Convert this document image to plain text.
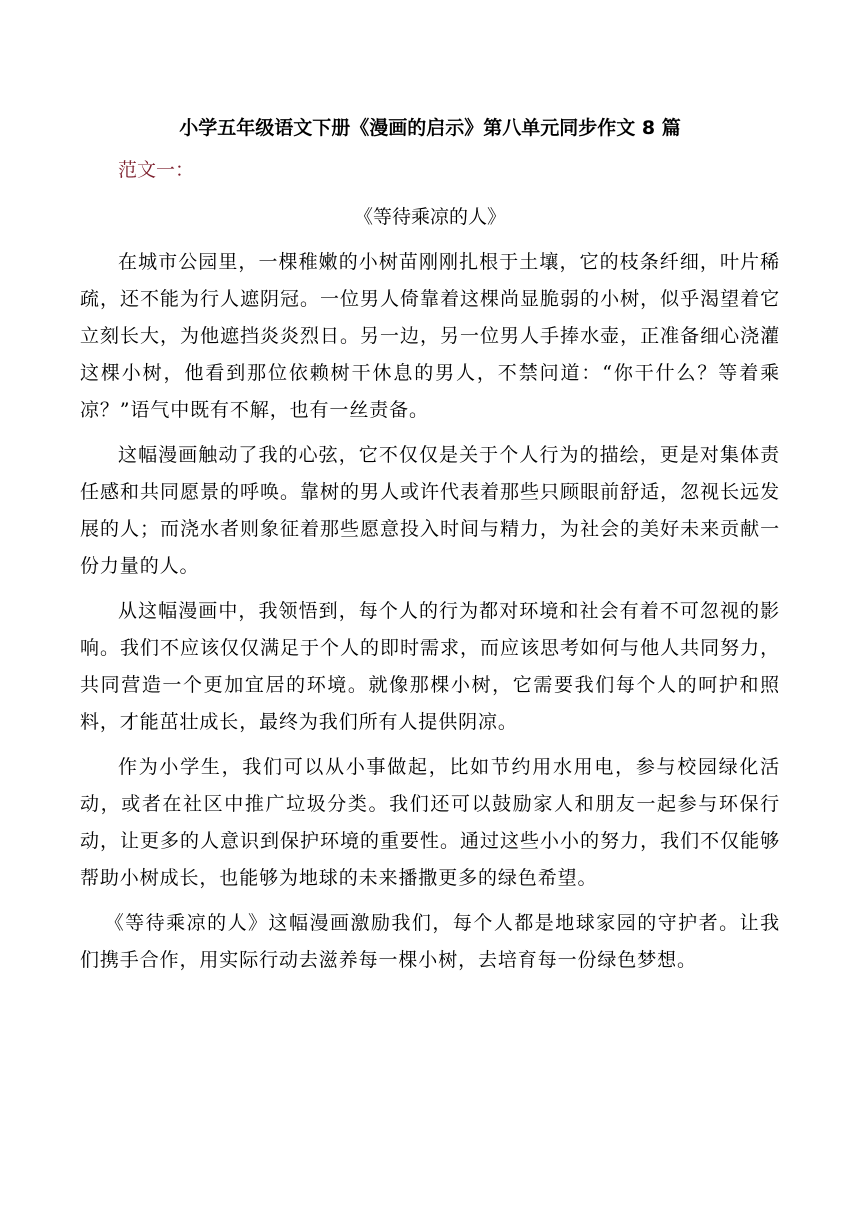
小学五年级语文下册《漫画的启示》第八单元同步作文 8 篇
范文一：
《等待乘凉的人》

在城市公园里，一棵稚嫩的小树苗刚刚扎根于土壤，它的枝条纤细，叶片稀疏，还不能为行人遮阴冠。一位男人倚靠着这棵尚显脆弱的小树，似乎渴望着它立刻长大，为他遮挡炎炎烈日。另一边，另一位男人手捧水壶，正准备细心浇灌这棵小树，他看到那位依赖树干休息的男人，不禁问道：“你干什么？等着乘凉？”语气中既有不解，也有一丝责备。

这幅漫画触动了我的心弦，它不仅仅是关于个人行为的描绘，更是对集体责任感和共同愿景的呼唤。靠树的男人或许代表着那些只顾眼前舒适，忽视长远发展的人；而浇水者则象征着那些愿意投入时间与精力，为社会的美好未来贡献一份力量的人。

从这幅漫画中，我领悟到，每个人的行为都对环境和社会有着不可忽视的影响。我们不应该仅仅满足于个人的即时需求，而应该思考如何与他人共同努力，共同营造一个更加宜居的环境。就像那棵小树，它需要我们每个人的呵护和照料，才能茁壮成长，最终为我们所有人提供阴凉。

作为小学生，我们可以从小事做起，比如节约用水用电，参与校园绿化活动，或者在社区中推广垃圾分类。我们还可以鼓励家人和朋友一起参与环保行动，让更多的人意识到保护环境的重要性。通过这些小小的努力，我们不仅能够帮助小树成长，也能够为地球的未来播撒更多的绿色希望。

《等待乘凉的人》这幅漫画激励我们，每个人都是地球家园的守护者。让我们携手合作，用实际行动去滋养每一棵小树，去培育每一份绿色梦想。
